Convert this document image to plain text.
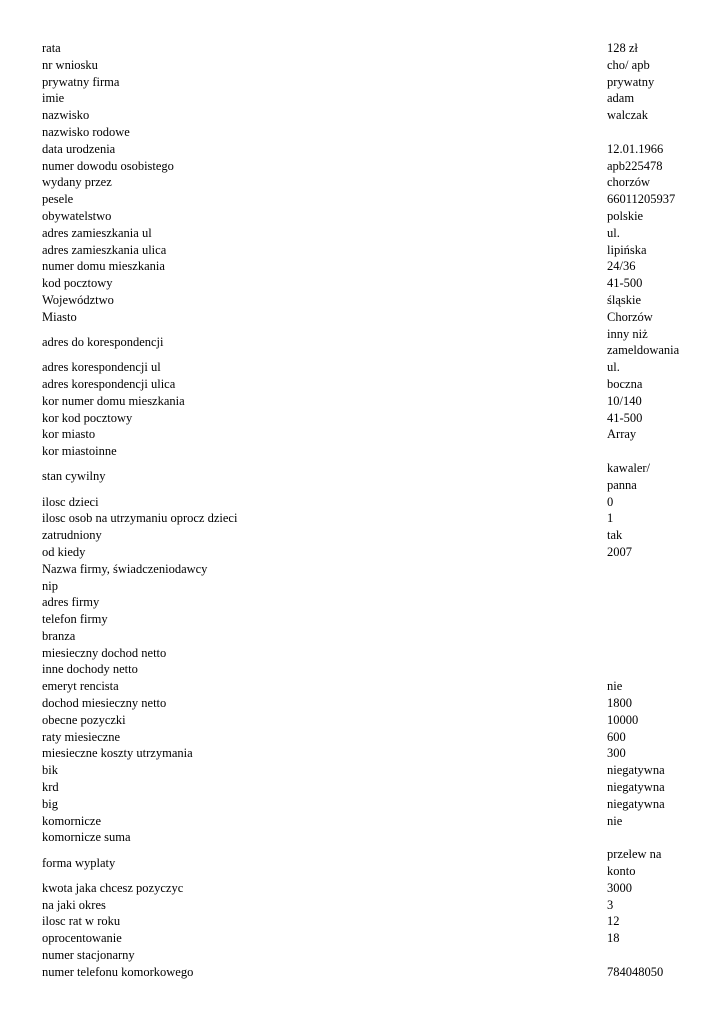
rata	128 zł
nr wniosku	cho/ apb
prywatny firma	prywatny
imie	adam
nazwisko	walczak
nazwisko rodowe	
data urodzenia	12.01.1966
numer dowodu osobistego	apb225478
wydany przez	chorzów
pesele	66011205937
obywatelstwo	polskie
adres zamieszkania ul	ul.
adres zamieszkania ulica	lipińska
numer domu mieszkania	24/36
kod pocztowy	41-500
Województwo	śląskie
Miasto	Chorzów
adres do korespondencji	inny niż zameldowania
adres korespondencji ul	ul.
adres korespondencji ulica	boczna
kor numer domu mieszkania	10/140
kor kod pocztowy	41-500
kor miasto	Array
kor miastoinne	
stan cywilny	kawaler/ panna
ilosc dzieci	0
ilosc osob na utrzymaniu oprocz dzieci	1
zatrudniony	tak
od kiedy	2007
Nazwa firmy, świadczeniodawcy	
nip	
adres firmy	
telefon firmy	
branza	
miesieczny dochod netto	
inne dochody netto	
emeryt rencista	nie
dochod miesieczny netto	1800
obecne pozyczki	10000
raty miesieczne	600
miesieczne koszty utrzymania	300
bik	niegatywna
krd	niegatywna
big	niegatywna
komornicze	nie
komornicze suma	
forma wyplaty	przelew na konto
kwota jaka chcesz pozyczyc	3000
na jaki okres	3
ilosc rat w roku	12
oprocentowanie	18
numer stacjonarny	
numer telefonu komorkowego	784048050
